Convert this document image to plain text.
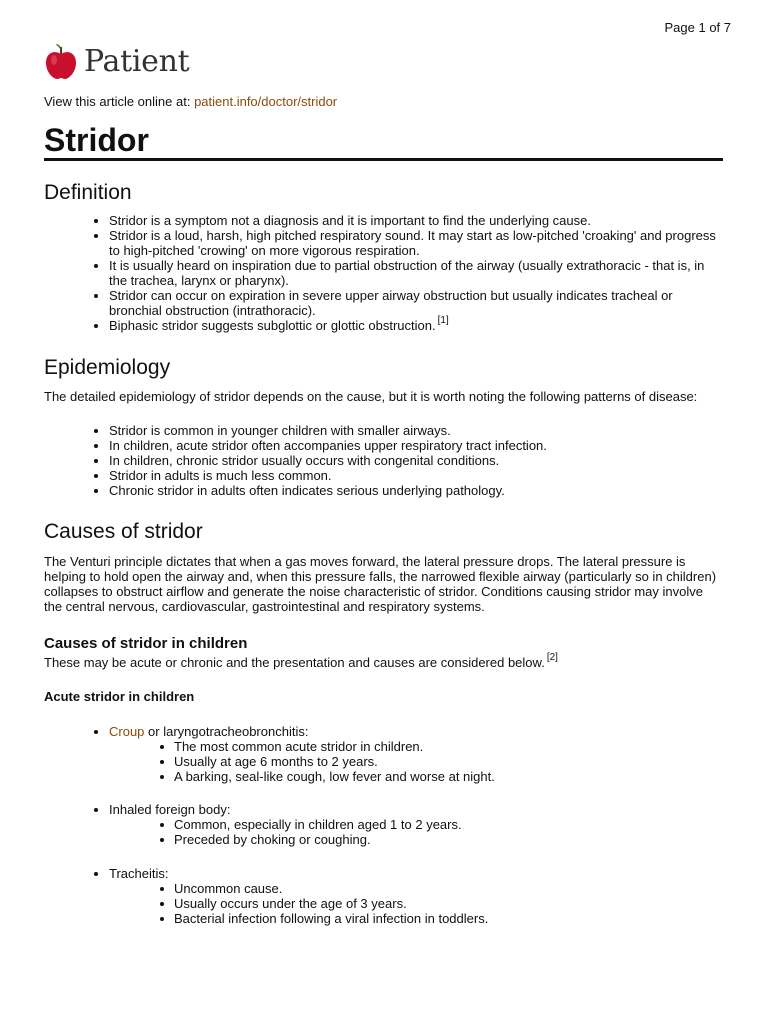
Page 1 of 7
Patient
View this article online at: patient.info/doctor/stridor
Stridor
Definition
Stridor is a symptom not a diagnosis and it is important to find the underlying cause.
Stridor is a loud, harsh, high pitched respiratory sound. It may start as low-pitched 'croaking' and progress to high-pitched 'crowing' on more vigorous respiration.
It is usually heard on inspiration due to partial obstruction of the airway (usually extrathoracic - that is, in the trachea, larynx or pharynx).
Stridor can occur on expiration in severe upper airway obstruction but usually indicates tracheal or bronchial obstruction (intrathoracic).
Biphasic stridor suggests subglottic or glottic obstruction. [1]
Epidemiology

The detailed epidemiology of stridor depends on the cause, but it is worth noting the following patterns of disease:

Stridor is common in younger children with smaller airways.
In children, acute stridor often accompanies upper respiratory tract infection.
In children, chronic stridor usually occurs with congenital conditions.
Stridor in adults is much less common.
Chronic stridor in adults often indicates serious underlying pathology.
Causes of stridor

The Venturi principle dictates that when a gas moves forward, the lateral pressure drops. The lateral pressure is helping to hold open the airway and, when this pressure falls, the narrowed flexible airway (particularly so in children) collapses to obstruct airflow and generate the noise characteristic of stridor. Conditions causing stridor may involve the central nervous, cardiovascular, gastrointestinal and respiratory systems.

Causes of stridor in children

These may be acute or chronic and the presentation and causes are considered below. [2]

Acute stridor in children
Croup or laryngotracheobronchitis:
The most common acute stridor in children.
Usually at age 6 months to 2 years.
A barking, seal-like cough, low fever and worse at night.
Inhaled foreign body:
Common, especially in children aged 1 to 2 years.
Preceded by choking or coughing.
Tracheitis:
Uncommon cause.
Usually occurs under the age of 3 years.
Bacterial infection following a viral infection in toddlers.
